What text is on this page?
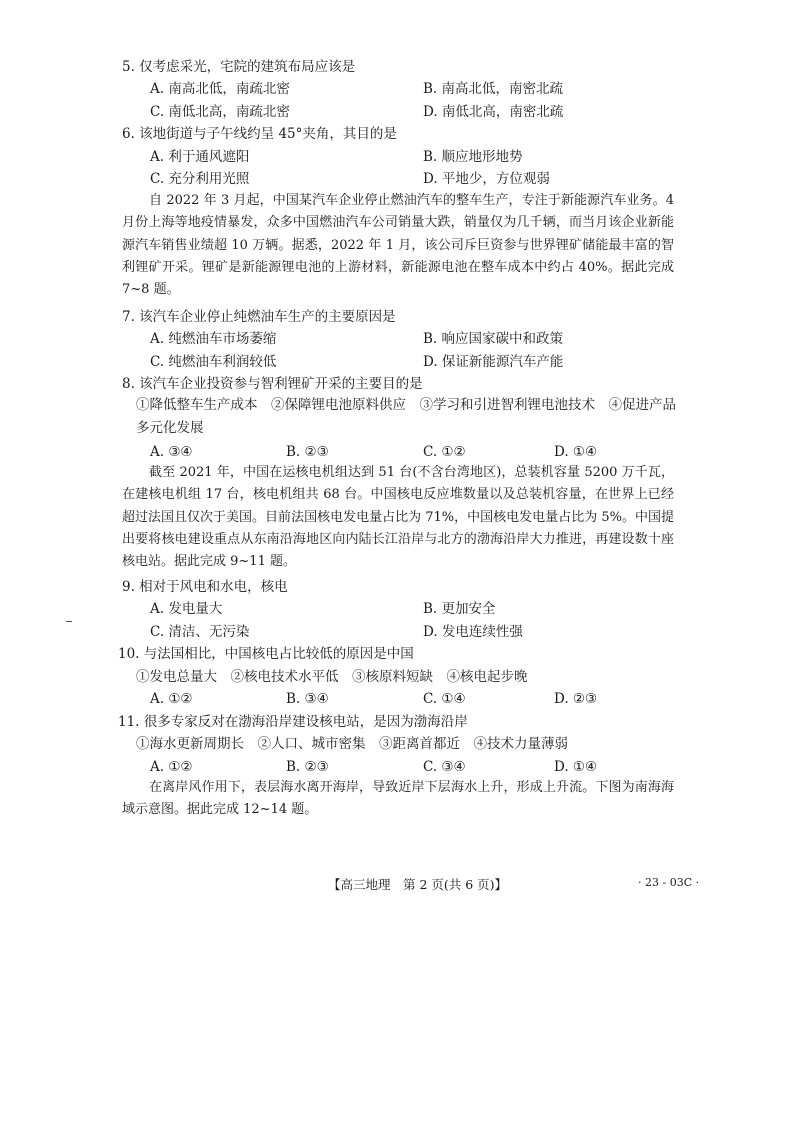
5. 仅考虑采光，宅院的建筑布局应该是
A. 南高北低，南疏北密	B. 南高北低，南密北疏
C. 南低北高，南疏北密	D. 南低北高，南密北疏
6. 该地街道与子午线约呈 45°夹角，其目的是
A. 利于通风遮阳	B. 顺应地形地势
C. 充分利用光照	D. 平地少，方位观弱
自 2022 年 3 月起，中国某汽车企业停止燃油汽车的整车生产，专注于新能源汽车业务。4 月份上海等地疫情暴发，众多中国燃油汽车公司销量大跌，销量仅为几千辆，而当月该企业新能源汽车销售业绩超 10 万辆。据悉，2022 年 1 月，该公司斥巨资参与世界锂矿储能最丰富的智利锂矿开采。锂矿是新能源锂电池的上游材料，新能源电池在整车成本中约占 40%。据此完成7~8 题。
7. 该汽车企业停止纯燃油车生产的主要原因是
A. 纯燃油车市场萎缩	B. 响应国家碳中和政策
C. 纯燃油车利润较低	D. 保证新能源汽车产能
8. 该汽车企业投资参与智利锂矿开采的主要目的是
①降低整车生产成本　②保障锂电池原料供应　③学习和引进智利锂电池技术　④促进产品多元化发展
A. ③④	B. ②③	C. ①②	D. ①④
截至 2021 年，中国在运核电机组达到 51 台(不含台湾地区)，总装机容量 5200 万千瓦，在建核电机组 17 台，核电机组共 68 台。中国核电反应堆数量以及总装机容量，在世界上已经超过法国且仅次于美国。目前法国核电发电量占比为 71%，中国核电发电量占比为 5%。中国提出要将核电建设重点从东南沿海地区向内陆长江沿岸与北方的渤海沿岸大力推进，再建设数十座核电站。据此完成 9~11 题。
9. 相对于风电和水电，核电
A. 发电量大	B. 更加安全
C. 清洁、无污染	D. 发电连续性强
10. 与法国相比，中国核电占比较低的原因是中国
①发电总量大　②核电技术水平低　③核原料短缺　④核电起步晚
A. ①②	B. ③④	C. ①④	D. ②③
11. 很多专家反对在渤海沿岸建设核电站，是因为渤海沿岸
①海水更新周期长　②人口、城市密集　③距离首都近　④技术力量薄弱
A. ①②	B. ②③	C. ③④	D. ①④
在离岸风作用下，表层海水离开海岸，导致近岸下层海水上升，形成上升流。下图为南海海域示意图。据此完成 12~14 题。
【高三地理　第 2 页(共 6 页)】	· 23 - 03C ·
